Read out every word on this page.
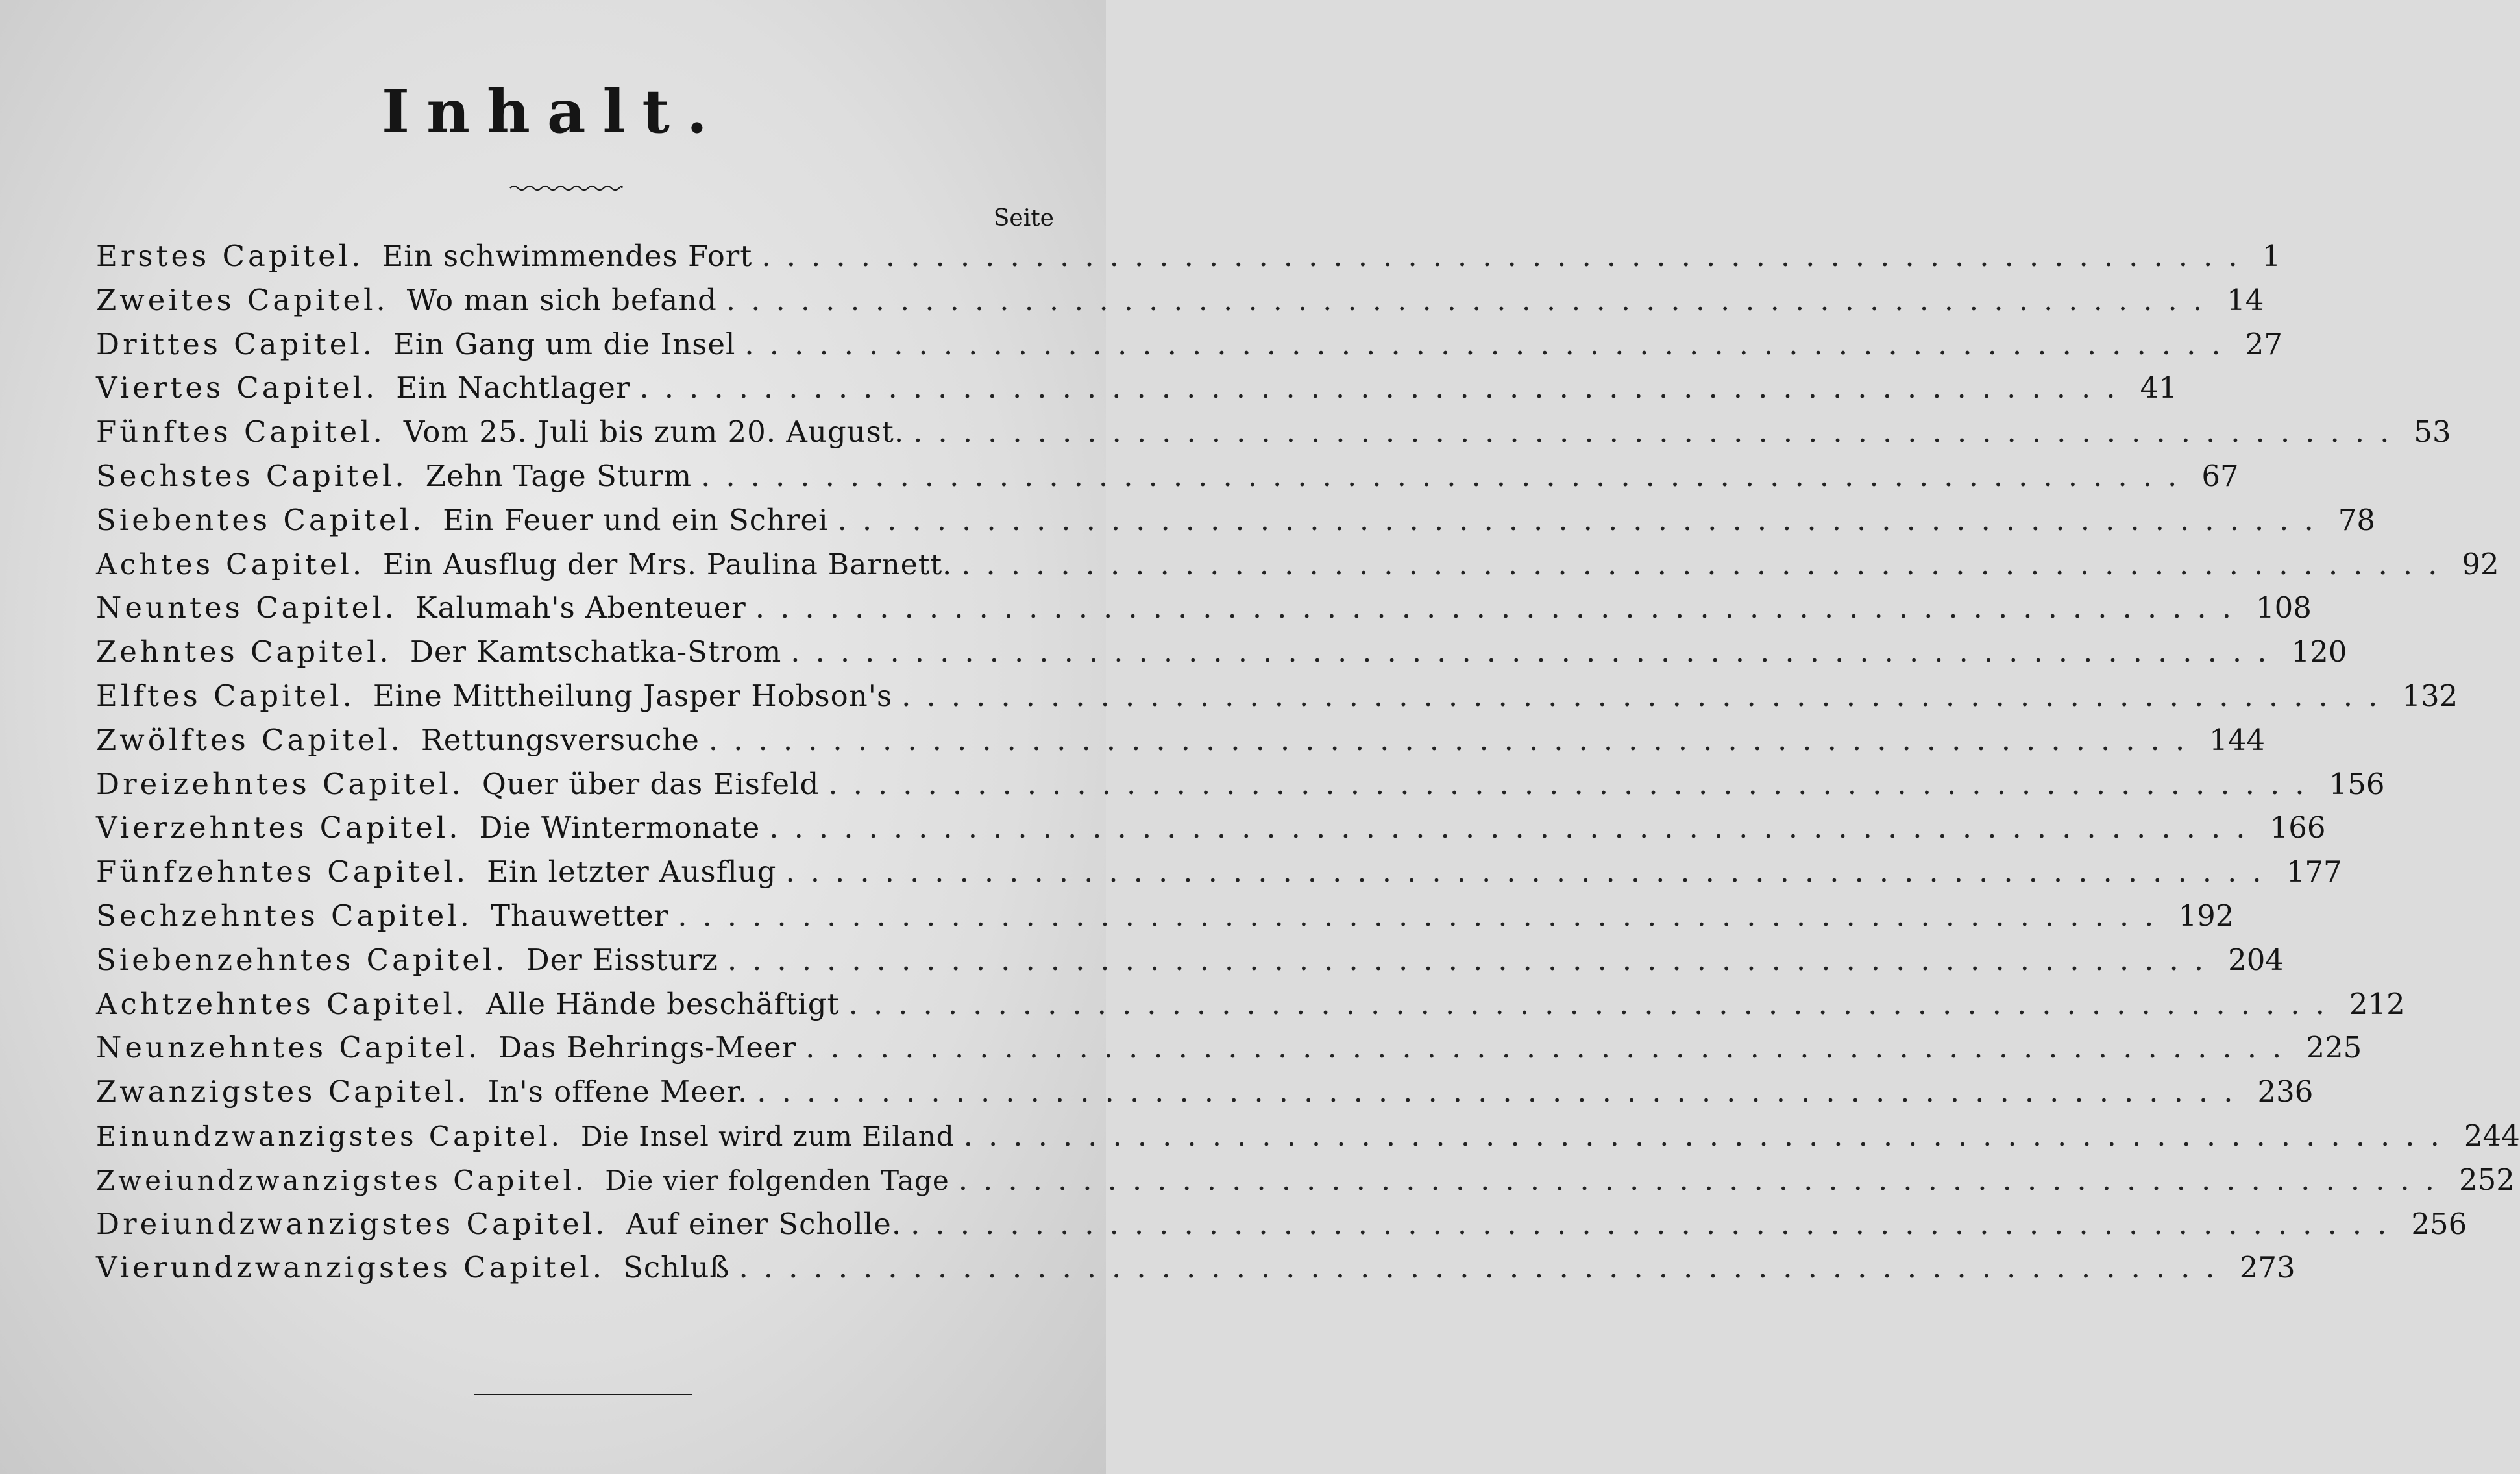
Inhalt.
Seite
Erstes Capitel. Ein schwimmendes Fort ............................................................ 1
Zweites Capitel. Wo man sich befand ............................................................ 14
Drittes Capitel. Ein Gang um die Insel ............................................................ 27
Viertes Capitel. Ein Nachtlager ............................................................ 41
Fünftes Capitel. Vom 25. Juli bis zum 20. August. ............................................................ 53
Sechstes Capitel. Zehn Tage Sturm ............................................................ 67
Siebentes Capitel. Ein Feuer und ein Schrei ............................................................ 78
Achtes Capitel. Ein Ausflug der Mrs. Paulina Barnett. ............................................................ 92
Neuntes Capitel. Kalumah's Abenteuer ............................................................ 108
Zehntes Capitel. Der Kamtschatka-Strom ............................................................ 120
Elftes Capitel. Eine Mittheilung Jasper Hobson's ............................................................ 132
Zwölftes Capitel. Rettungsversuche ............................................................ 144
Dreizehntes Capitel. Quer über das Eisfeld ............................................................ 156
Vierzehntes Capitel. Die Wintermonate ............................................................ 166
Fünfzehntes Capitel. Ein letzter Ausflug ............................................................ 177
Sechzehntes Capitel. Thauwetter ............................................................ 192
Siebenzehntes Capitel. Der Eissturz ............................................................ 204
Achtzehntes Capitel. Alle Hände beschäftigt ............................................................ 212
Neunzehntes Capitel. Das Behrings-Meer ............................................................ 225
Zwanzigstes Capitel. In's offene Meer. ............................................................ 236
Einundzwanzigstes Capitel. Die Insel wird zum Eiland ............................................................ 244
Zweiundzwanzigstes Capitel. Die vier folgenden Tage ............................................................ 252
Dreiundzwanzigstes Capitel. Auf einer Scholle. ............................................................ 256
Vierundzwanzigstes Capitel. Schluß ............................................................ 273
